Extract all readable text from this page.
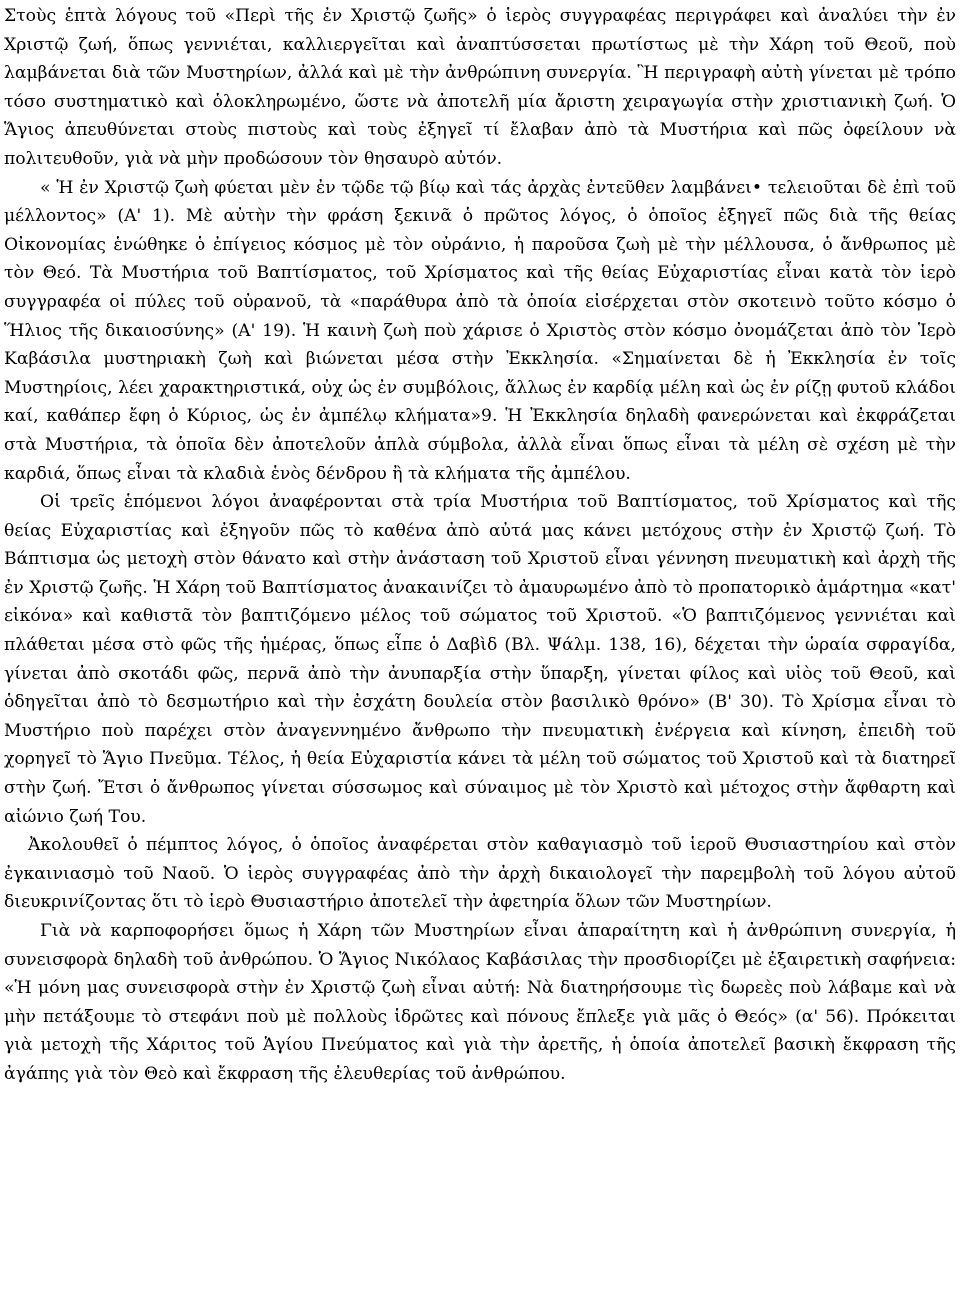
Στοὺς ἑπτὰ λόγους τοῦ «Περὶ τῆς ἐν Χριστῷ ζωῆς» ὁ ἱερὸς συγγραφέας περιγράφει καὶ ἀναλύει τὴν ἐν Χριστῷ ζωή, ὅπως γεννιέται, καλλιεργεῖται καὶ ἀναπτύσσεται πρωτίστως μὲ τὴν Χάρη τοῦ Θεοῦ, ποὺ λαμβάνεται διὰ τῶν Μυστηρίων, ἀλλά καὶ μὲ τὴν ἀνθρώπινη συνεργία. Ἣ περιγραφὴ αὐτὴ γίνεται μὲ τρόπο τόσο συστηματικὸ καὶ ὁλοκληρωμένο, ὥστε νὰ ἀποτελῆ μία ἄριστη χειραγωγία στὴν χριστιανικὴ ζωή. Ὁ Ἅγιος ἀπευθύνεται στοὺς πιστοὺς καὶ τοὺς ἐξηγεῖ τί ἔλαβαν ἀπὸ τὰ Μυστήρια καὶ πῶς ὀφείλουν νὰ πολιτευθοῦν, γιὰ νὰ μὴν προδώσουν τὸν θησαυρὸ αὐτόν.

« Ἡ ἐν Χριστῷ ζωὴ φύεται μὲν ἐν τῷδε τῷ βίῳ καὶ τάς ἀρχὰς ἐντεῦθεν λαμβάνει• τελειοῦται δὲ ἐπὶ τοῦ μέλλοντος» (Α' 1). Μὲ αὐτὴν τὴν φράση ξεκινᾶ ὁ πρῶτος λόγος, ὁ ὁποῖος ἐξηγεῖ πῶς διὰ τῆς θείας Οἰκονομίας ἑνώθηκε ὁ ἐπίγειος κόσμος μὲ τὸν οὐράνιο, ἡ παροῦσα ζωὴ μὲ τὴν μέλλουσα, ὁ ἄνθρωπος μὲ τὸν Θεό. Τὰ Μυστήρια τοῦ Βαπτίσματος, τοῦ Χρίσματος καὶ τῆς θείας Εὐχαριστίας εἶναι κατὰ τὸν ἱερὸ συγγραφέα οἱ πύλες τοῦ οὐρανοῦ, τὰ «παράθυρα ἀπὸ τὰ ὁποία εἰσέρχεται στὸν σκοτεινὸ τοῦτο κόσμο ὁ Ἥλιος τῆς δικαιοσύνης» (Α' 19). Ἡ καινὴ ζωὴ ποὺ χάρισε ὁ Χριστὸς στὸν κόσμο ὀνομάζεται ἀπὸ τὸν Ἱερὸ Καβάσιλα μυστηριακὴ ζωὴ καὶ βιώνεται μέσα στὴν Ἐκκλησία. «Σημαίνεται δὲ ἡ Ἐκκλησία ἐν τοῖς Μυστηρίοις, λέει χαρακτηριστικά, οὐχ ὡς ἐν συμβόλοις, ἄλλως ἐν καρδίᾳ μέλη καὶ ὡς ἐν ρίζῃ φυτοῦ κλάδοι καί, καθάπερ ἔφη ὁ Κύριος, ὡς ἐν ἀμπέλῳ κλήματα»9. Ἡ Ἐκκλησία δηλαδὴ φανερώνεται καὶ ἐκφράζεται στὰ Μυστήρια, τὰ ὁποῖα δὲν ἀποτελοῦν ἁπλὰ σύμβολα, ἀλλὰ εἶναι ὅπως εἶναι τὰ μέλη σὲ σχέση μὲ τὴν καρδιά, ὅπως εἶναι τὰ κλαδιὰ ἑνὸς δένδρου ἢ τὰ κλήματα τῆς ἀμπέλου.

Οἱ τρεῖς ἑπόμενοι λόγοι ἀναφέρονται στὰ τρία Μυστήρια τοῦ Βαπτίσματος, τοῦ Χρίσματος καὶ τῆς θείας Εὐχαριστίας καὶ ἐξηγοῦν πῶς τὸ καθένα ἀπὸ αὐτά μας κάνει μετόχους στὴν ἐν Χριστῷ ζωή. Τὸ Βάπτισμα ὡς μετοχὴ στὸν θάνατο καὶ στὴν ἀνάσταση τοῦ Χριστοῦ εἶναι γέννηση πνευματικὴ καὶ ἀρχὴ τῆς ἐν Χριστῷ ζωῆς. Ἡ Χάρη τοῦ Βαπτίσματος ἀνακαινίζει τὸ ἀμαυρωμένο ἀπὸ τὸ προπατορικὸ ἁμάρτημα «κατ' εἰκόνα» καὶ καθιστᾶ τὸν βαπτιζόμενο μέλος τοῦ σώματος τοῦ Χριστοῦ. «Ὁ βαπτιζόμενος γεννιέται καὶ πλάθεται μέσα στὸ φῶς τῆς ἡμέρας, ὅπως εἶπε ὁ Δαβὶδ (Βλ. Ψάλμ. 138, 16), δέχεται τὴν ὡραία σφραγίδα, γίνεται ἀπὸ σκοτάδι φῶς, περνᾶ ἀπὸ τὴν ἀνυπαρξία στὴν ὕπαρξη, γίνεται φίλος καὶ υἱὸς τοῦ Θεοῦ, καὶ ὁδηγεῖται ἀπὸ τὸ δεσμωτήριο καὶ τὴν ἐσχάτη δουλεία στὸν βασιλικὸ θρόνο» (Β' 30). Τὸ Χρίσμα εἶναι τὸ Μυστήριο ποὺ παρέχει στὸν ἀναγεννημένο ἄνθρωπο τὴν πνευματικὴ ἐνέργεια καὶ κίνηση, ἐπειδὴ τοῦ χορηγεῖ τὸ Ἅγιο Πνεῦμα. Τέλος, ἡ θεία Εὐχαριστία κάνει τὰ μέλη τοῦ σώματος τοῦ Χριστοῦ καὶ τὰ διατηρεῖ στὴν ζωή. Ἔτσι ὁ ἄνθρωπος γίνεται σύσσωμος καὶ σύναιμος μὲ τὸν Χριστὸ καὶ μέτοχος στὴν ἄφθαρτη καὶ αἰώνιο ζωή Του.

Ἀκολουθεῖ ὁ πέμπτος λόγος, ὁ ὁποῖος ἀναφέρεται στὸν καθαγιασμὸ τοῦ ἱεροῦ Θυσιαστηρίου καὶ στὸν ἐγκαινιασμὸ τοῦ Ναοῦ. Ὁ ἱερὸς συγγραφέας ἀπὸ τὴν ἀρχὴ δικαιολογεῖ τὴν παρεμβολὴ τοῦ λόγου αὐτοῦ διευκρινίζοντας ὅτι τὸ ἱερὸ Θυσιαστήριο ἀποτελεῖ τὴν ἀφετηρία ὅλων τῶν Μυστηρίων.

Γιὰ νὰ καρποφορήσει ὅμως ἡ Χάρη τῶν Μυστηρίων εἶναι ἀπαραίτητη καὶ ἡ ἀνθρώπινη συνεργία, ἡ συνεισφορὰ δηλαδὴ τοῦ ἀνθρώπου. Ὁ Ἅγιος Νικόλαος Καβάσιλας τὴν προσδιορίζει μὲ ἐξαιρετικὴ σαφήνεια: «Ἡ μόνη μας συνεισφορὰ στὴν ἐν Χριστῷ ζωὴ εἶναι αὐτή: Νὰ διατηρήσουμε τὶς δωρεὲς ποὺ λάβαμε καὶ νὰ μὴν πετάξουμε τὸ στεφάνι ποὺ μὲ πολλοὺς ἱδρῶτες καὶ πόνους ἔπλεξε γιὰ μᾶς ὁ Θεός» (α' 56). Πρόκειται γιὰ μετοχὴ τῆς Χάριτος τοῦ Ἁγίου Πνεύματος καὶ γιὰ τὴν ἀρετῆς, ἡ ὁποία ἀποτελεῖ βασικὴ ἔκφραση τῆς ἀγάπης γιὰ τὸν Θεὸ καὶ ἔκφραση τῆς ἐλευθερίας τοῦ ἀνθρώπου.
